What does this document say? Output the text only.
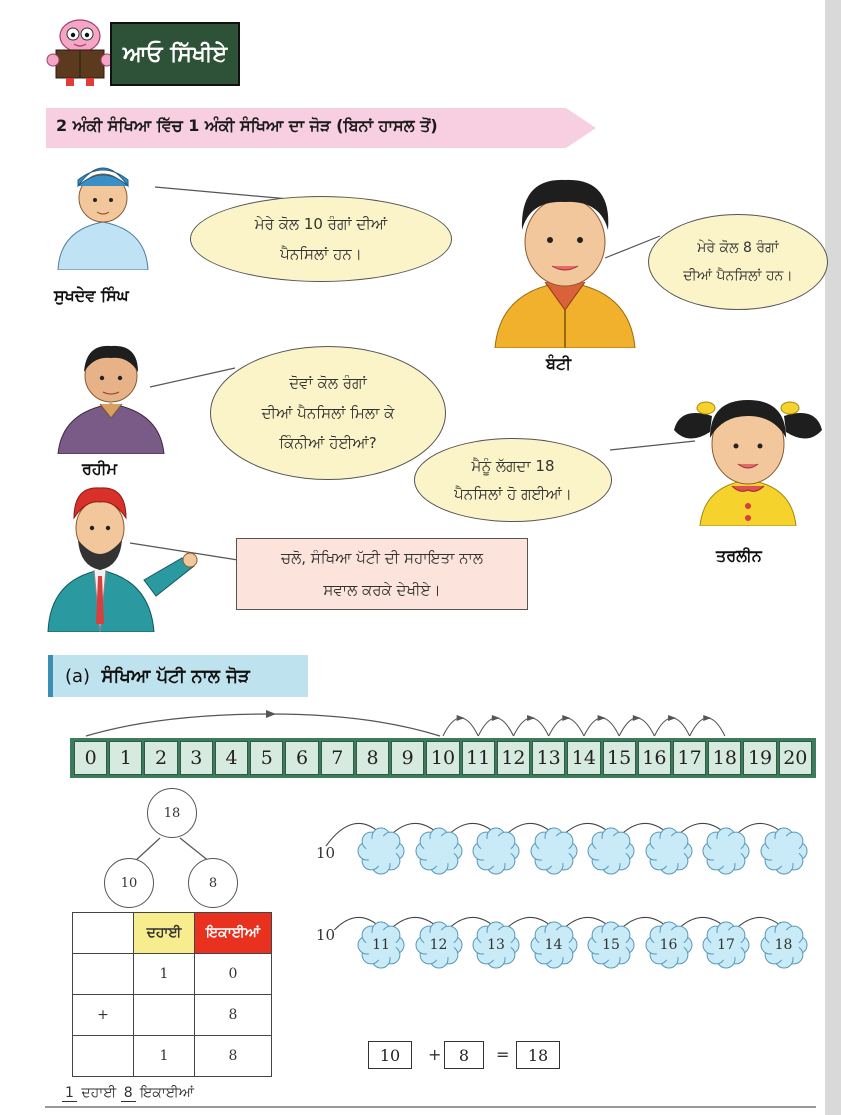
ਆਓ ਸਿੱਖੀਏ
2 ਅੰਕੀ ਸੰਖਿਆ ਵਿੱਚ 1 ਅੰਕੀ ਸੰਖਿਆ ਦਾ ਜੋੜ (ਬਿਨਾਂ ਹਾਸਲ ਤੋਂ)
ਸੁਖਦੇਵ ਸਿੰਘ
ਮੇਰੇ ਕੋਲ 10 ਰੰਗਾਂ ਦੀਆਂ
ਪੈਨਸਿਲਾਂ ਹਨ।
ਬੰਟੀ
ਮੇਰੇ ਕੋਲ 8 ਰੰਗਾਂ
ਦੀਆਂ ਪੈਨਸਿਲਾਂ ਹਨ।
ਰਹੀਮ
ਦੋਵਾਂ ਕੋਲ ਰੰਗਾਂ
ਦੀਆਂ ਪੈਨਸਿਲਾਂ ਮਿਲਾ ਕੇ
ਕਿੰਨੀਆਂ ਹੋਈਆਂ?
ਤਰਲੀਨ
ਮੈਨੂੰ ਲੱਗਦਾ 18
ਪੈਨਸਿਲਾਂ ਹੋ ਗਈਆਂ।
ਚਲੋ, ਸੰਖਿਆ ਪੱਟੀ ਦੀ ਸਹਾਇਤਾ ਨਾਲ
ਸਵਾਲ ਕਰਕੇ ਦੇਖੀਏ।
(a) ਸੰਖਿਆ ਪੱਟੀ ਨਾਲ ਜੋੜ
0	1	2	3	4	5	6	7	8	9 10 11 12 13 14 15 16 17 18 19 20
18
10	8
	ਦਹਾਈ	ਇਕਾਈਆਂ
	1	0
+		8
	1	8
1 ਦਹਾਈ 8 ਇਕਾਈਆਂ
10
10
11	12	13	14	15	16	17	18
10	+	8	=	18
